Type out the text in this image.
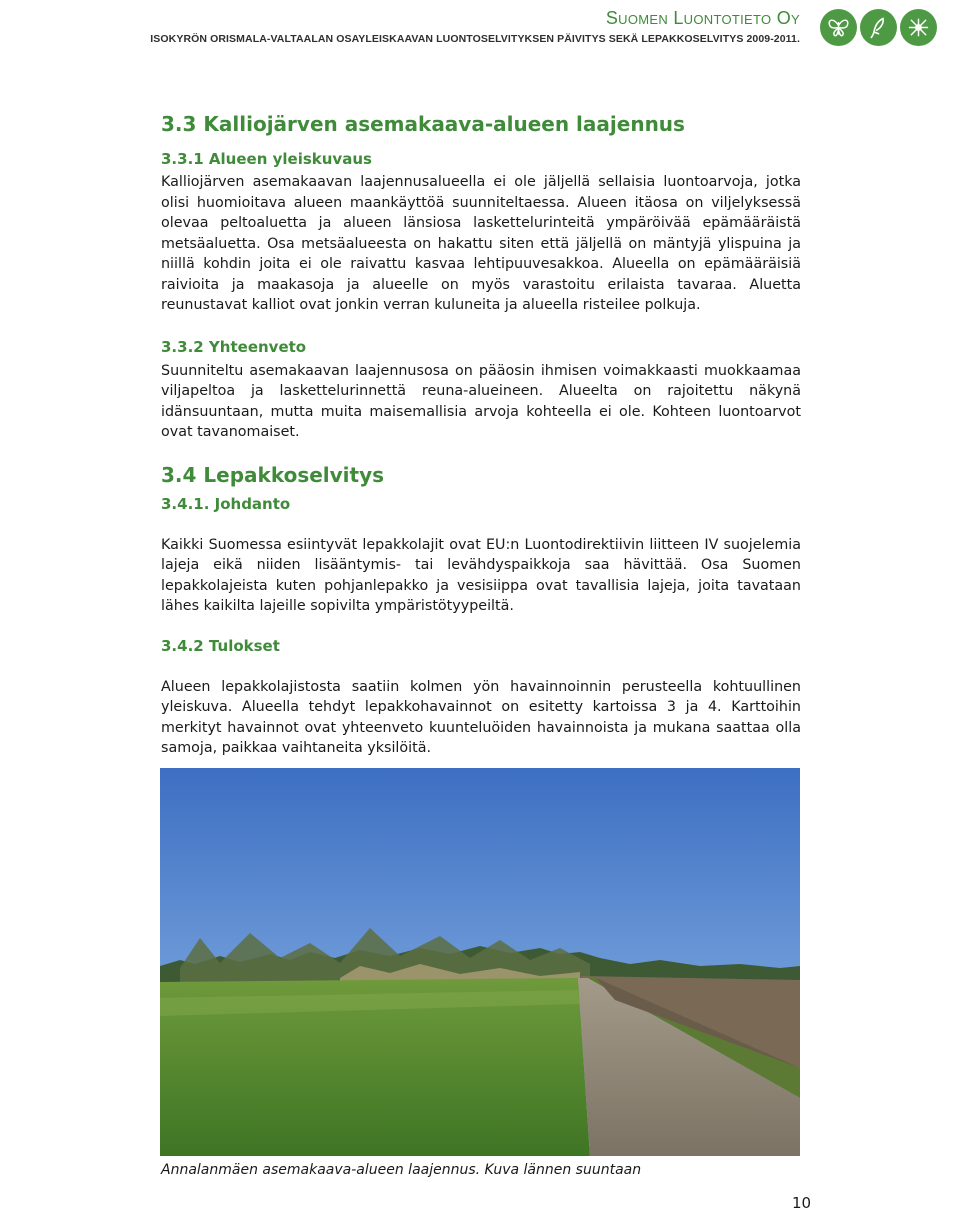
Suomen Luontotieto Oy
ISOKYRÖN ORISMALA-VALTAALAN OSAYLEISKAAVAN LUONTOSELVITYKSEN PÄIVITYS SEKÄ LEPAKKOSELVITYS 2009-2011.
3.3 Kalliojärven asemakaava-alueen laajennus
3.3.1 Alueen yleiskuvaus

Kalliojärven asemakaavan laajennusalueella ei ole jäljellä sellaisia luontoarvoja, jotka olisi huomioitava alueen maankäyttöä suunniteltaessa. Alueen itäosa on viljelyksessä olevaa peltoaluetta ja alueen länsiosa laskettelurinteitä ympäröivää epämääräistä metsäaluetta. Osa metsäalueesta on hakattu siten että jäljellä on mäntyjä ylispuina ja niillä kohdin joita ei ole raivattu kasvaa lehtipuuvesakkoa. Alueella on epämääräisiä raivioita ja maakasoja ja alueelle on myös varastoitu erilaista tavaraa. Aluetta reunustavat kalliot ovat jonkin verran kuluneita ja alueella risteilee polkuja.

3.3.2 Yhteenveto

Suunniteltu asemakaavan laajennusosa on pääosin ihmisen voimakkaasti muokkaamaa viljapeltoa ja laskettelurinnettä reuna-alueineen. Alueelta on rajoitettu näkynä idänsuuntaan, mutta muita maisemallisia arvoja kohteella ei ole. Kohteen luontoarvot ovat tavanomaiset.

3.4 Lepakkoselvitys
3.4.1. Johdanto

Kaikki Suomessa esiintyvät lepakkolajit ovat EU:n Luontodirektiivin liitteen IV suojelemia lajeja eikä niiden lisääntymis- tai levähdyspaikkoja saa hävittää. Osa Suomen lepakkolajeista kuten pohjanlepakko ja vesisiippa ovat tavallisia lajeja, joita tavataan lähes kaikilta lajeille sopivilta ympäristötyypeiltä.

3.4.2 Tulokset

Alueen lepakkolajistosta saatiin kolmen yön havainnoinnin perusteella kohtuullinen yleiskuva. Alueella tehdyt lepakkohavainnot on esitetty kartoissa 3 ja 4. Karttoihin merkityt havainnot ovat yhteenveto kuunteluöiden havainnoista ja mukana saattaa olla samoja, paikkaa vaihtaneita yksilöitä.

Annalanmäen asemakaava-alueen laajennus. Kuva lännen suuntaan
10
